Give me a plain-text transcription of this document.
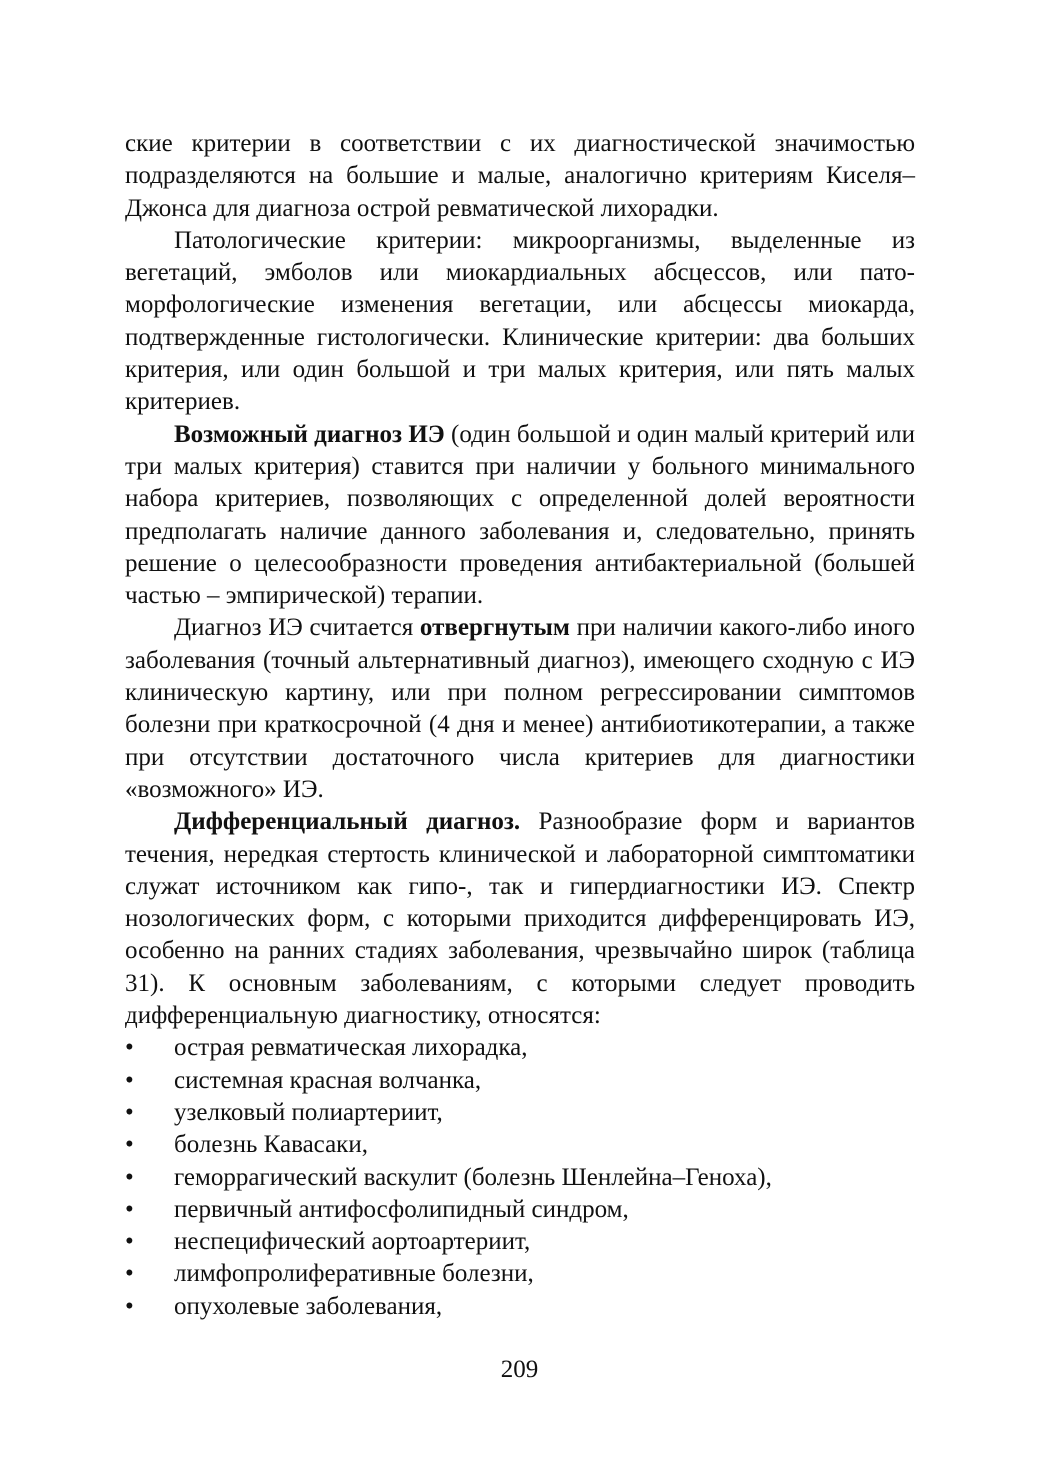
ские критерии в соответствии с их диагностической значимостью подразделяются на большие и малые, аналогично критериям Киселя–Джонса для диагноза острой ревматической лихорадки.

Патологические критерии: микроорганизмы, выделенные из вегетаций, эмболов или миокардиальных абсцессов, или патоморфологические изменения вегетации, или абсцессы миокарда, подтвержденные гистологически. Клинические критерии: два больших критерия, или один большой и три малых критерия, или пять малых критериев.

Возможный диагноз ИЭ (один большой и один малый критерий или три малых критерия) ставится при наличии у больного минимального набора критериев, позволяющих с определенной долей вероятности предполагать наличие данного заболевания и, следовательно, принять решение о целесообразности проведения антибактериальной (большей частью – эмпирической) терапии.

Диагноз ИЭ считается отвергнутым при наличии какого-либо иного заболевания (точный альтернативный диагноз), имеющего сходную с ИЭ клиническую картину, или при полном регрессировании симптомов болезни при краткосрочной (4 дня и менее) антибиотикотерапии, а также при отсутствии достаточного числа критериев для диагностики «возможного» ИЭ.

Дифференциальный диагноз. Разнообразие форм и вариантов течения, нередкая стертость клинической и лабораторной симптоматики служат источником как гипо-, так и гипердиагностики ИЭ. Спектр нозологических форм, с которыми приходится дифференцировать ИЭ, особенно на ранних стадиях заболевания, чрезвычайно широк (таблица 31). К основным заболеваниям, с которыми следует проводить дифференциальную диагностику, относятся:

• острая ревматическая лихорадка,
• системная красная волчанка,
• узелковый полиартериит,
• болезнь Кавасаки,
• геморрагический васкулит (болезнь Шенлейна–Геноха),
• первичный антифосфолипидный синдром,
• неспецифический аортоартериит,
• лимфопролиферативные болезни,
• опухолевые заболевания,
209
